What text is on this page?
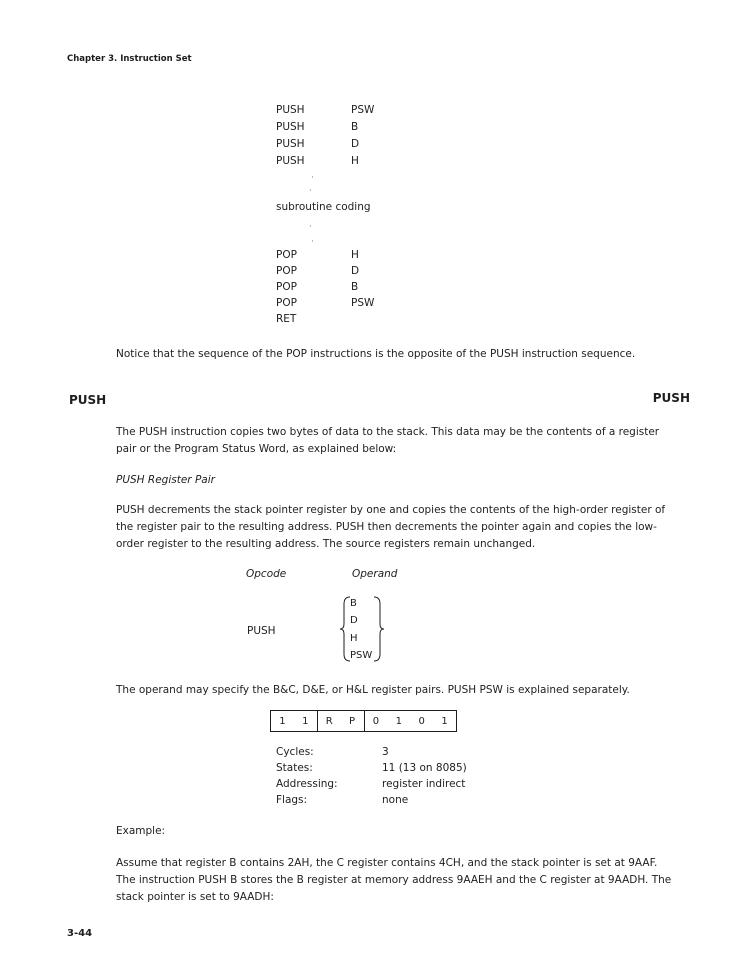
Chapter 3. Instruction Set
PUSH	PSW
PUSH	B
PUSH	D
PUSH	H
·
·
subroutine coding
·
·
POP	H
POP	D
POP	B
POP	PSW
RET
Notice that the sequence of the POP instructions is the opposite of the PUSH instruction sequence.
PUSH	PUSH
The PUSH instruction copies two bytes of data to the stack. This data may be the contents of a register pair or the Program Status Word, as explained below:
PUSH Register Pair
PUSH decrements the stack pointer register by one and copies the contents of the high-order register of the register pair to the resulting address. PUSH then decrements the pointer again and copies the low-order register to the resulting address. The source registers remain unchanged.
Opcode	Operand
PUSH
B
D
H
PSW
The operand may specify the B&C, D&E, or H&L register pairs. PUSH PSW is explained separately.
1	1	R	P	0	1	0	1
Cycles:	3
States:	11 (13 on 8085)
Addressing:	register indirect
Flags:	none
Example:
Assume that register B contains 2AH, the C register contains 4CH, and the stack pointer is set at 9AAF. The instruction PUSH B stores the B register at memory address 9AAEH and the C register at 9AADH. The stack pointer is set to 9AADH:
3-44
